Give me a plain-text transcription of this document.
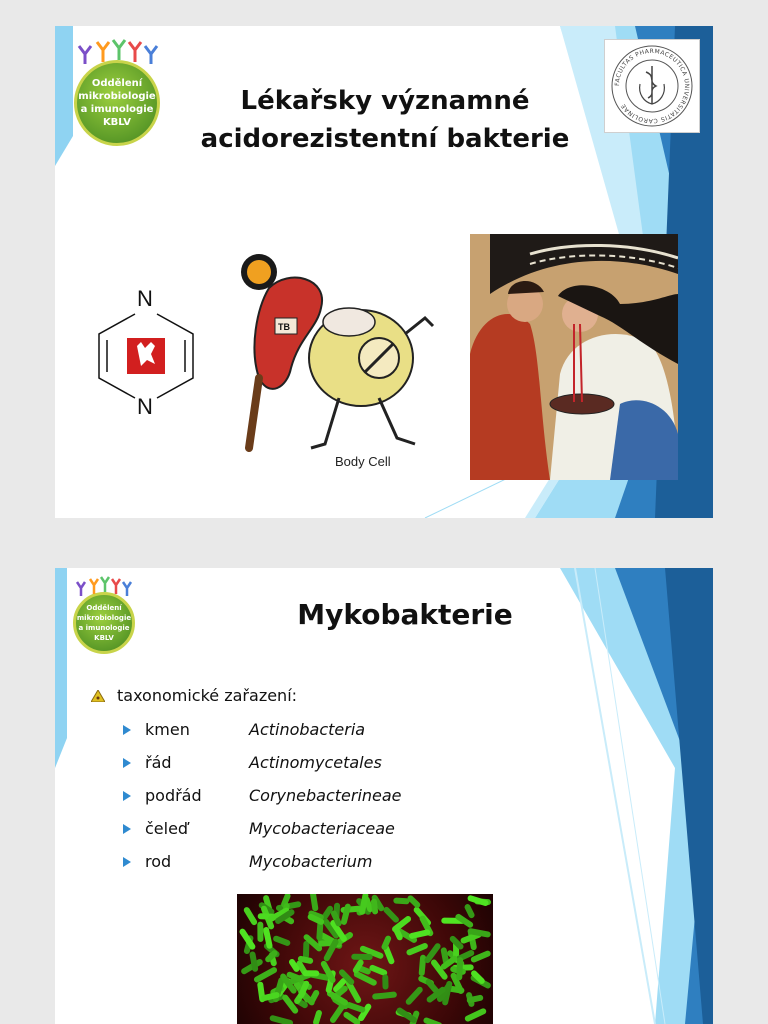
Oddělení
mikrobiologie
a imunologie
KBLV
Lékařsky významné
acidorezistentní bakterie
FACULTAS PHARMACEUTICA UNIVERSITATIS CAROLINAE
N
N
TB
Body Cell
Oddělení
mikrobiologie
a imunologie
KBLV
Mykobakterie
taxonomické zařazení:
kmen	Actinobacteria
řád	Actinomycetales
podřád	Corynebacterineae
čeleď	Mycobacteriaceae
rod	Mycobacterium
